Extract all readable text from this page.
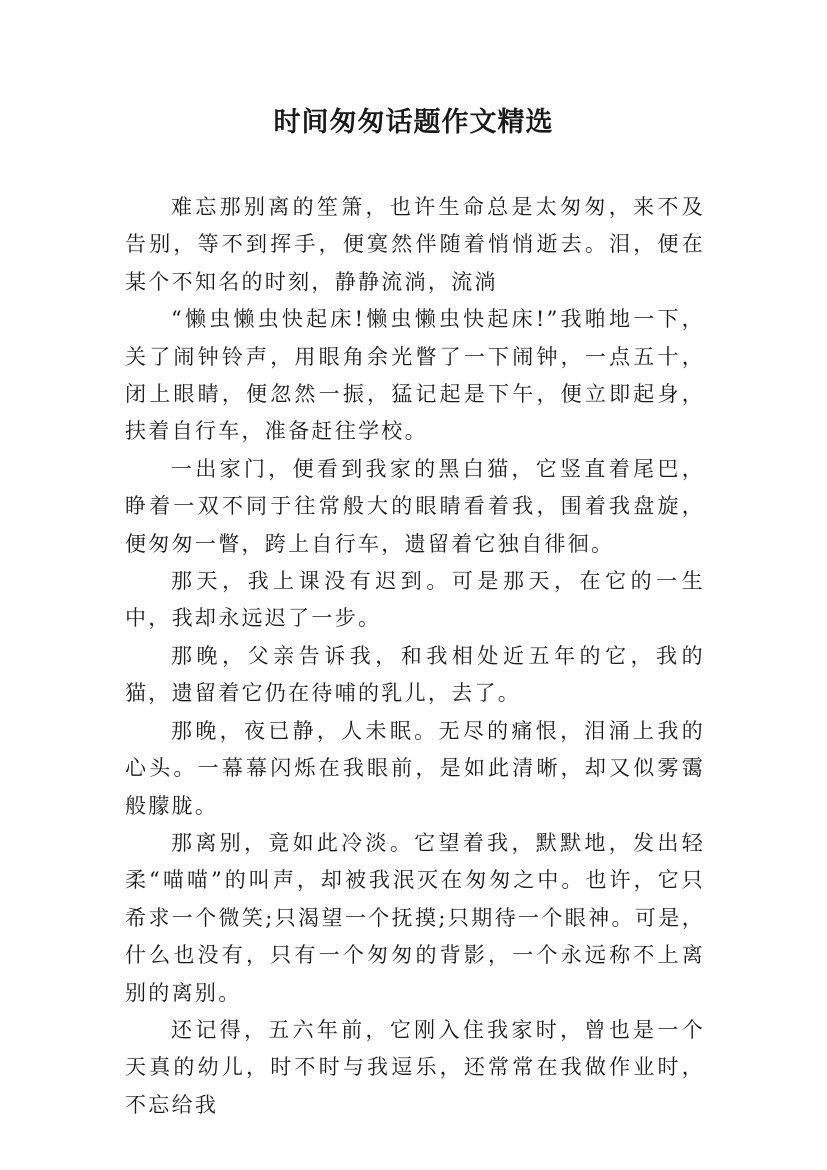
时间匆匆话题作文精选

难忘那别离的笙箫，也许生命总是太匆匆，来不及告别，等不到挥手，便寞然伴随着悄悄逝去。泪，便在某个不知名的时刻，静静流淌，流淌

“懒虫懒虫快起床!懒虫懒虫快起床!”我啪地一下，关了闹钟铃声，用眼角余光瞥了一下闹钟，一点五十，闭上眼睛，便忽然一振，猛记起是下午，便立即起身，扶着自行车，准备赶往学校。

一出家门，便看到我家的黑白猫，它竖直着尾巴，睁着一双不同于往常般大的眼睛看着我，围着我盘旋，便匆匆一瞥，跨上自行车，遗留着它独自徘徊。

那天，我上课没有迟到。可是那天，在它的一生中，我却永远迟了一步。

那晚，父亲告诉我，和我相处近五年的它，我的猫，遗留着它仍在待哺的乳儿，去了。

那晚，夜已静，人未眠。无尽的痛恨，泪涌上我的心头。一幕幕闪烁在我眼前，是如此清晰，却又似雾霭般朦胧。

那离别，竟如此冷淡。它望着我，默默地，发出轻柔“喵喵”的叫声，却被我泯灭在匆匆之中。也许，它只希求一个微笑;只渴望一个抚摸;只期待一个眼神。可是，什么也没有，只有一个匆匆的背影，一个永远称不上离别的离别。

还记得，五六年前，它刚入住我家时，曾也是一个天真的幼儿，时不时与我逗乐，还常常在我做作业时，不忘给我
